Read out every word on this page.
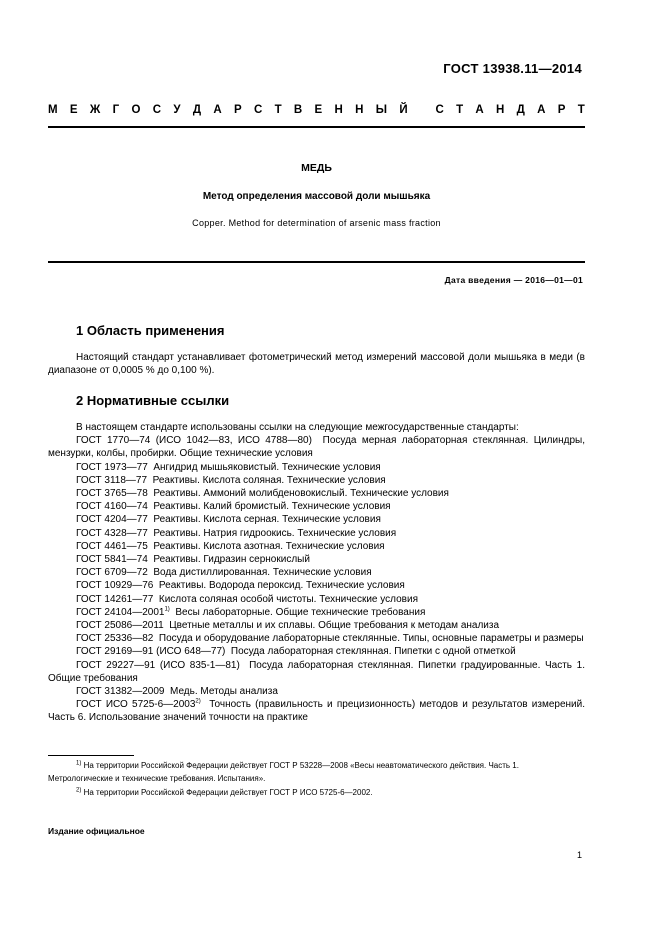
ГОСТ 13938.11—2014
М Е Ж Г О С У Д А Р С Т В Е Н Н Ы Й
С Т А Н Д А Р Т
МЕДЬ
Метод определения массовой доли мышьяка
Copper. Method for determination of arsenic mass fraction
Дата введения — 2016—01—01
1 Область применения

Настоящий стандарт устанавливает фотометрический метод измерений массовой доли мышьяка в меди (в диапазоне от 0,0005 % до 0,100 %).

2 Нормативные ссылки

В настоящем стандарте использованы ссылки на следующие межгосударственные стандарты:

ГОСТ 1770—74 (ИСО 1042—83, ИСО 4788—80)  Посуда мерная лабораторная стеклянная. Цилиндры, мензурки, колбы, пробирки. Общие технические условия

ГОСТ 1973—77  Ангидрид мышьяковистый. Технические условия

ГОСТ 3118—77  Реактивы. Кислота соляная. Технические условия

ГОСТ 3765—78  Реактивы. Аммоний молибденовокислый. Технические условия

ГОСТ 4160—74  Реактивы. Калий бромистый. Технические условия

ГОСТ 4204—77  Реактивы. Кислота серная. Технические условия

ГОСТ 4328—77  Реактивы. Натрия гидроокись. Технические условия

ГОСТ 4461—75  Реактивы. Кислота азотная. Технические условия

ГОСТ 5841—74  Реактивы. Гидразин сернокислый

ГОСТ 6709—72  Вода дистиллированная. Технические условия

ГОСТ 10929—76  Реактивы. Водорода пероксид. Технические условия

ГОСТ 14261—77  Кислота соляная особой чистоты. Технические условия

ГОСТ 24104—2001$^{1)}$  Весы лабораторные. Общие технические требования

ГОСТ 25086—2011  Цветные металлы и их сплавы. Общие требования к методам анализа

ГОСТ 25336—82  Посуда и оборудование лабораторные стеклянные. Типы, основные параметры и размеры

ГОСТ 29169—91 (ИСО 648—77)  Посуда лабораторная стеклянная. Пипетки с одной отметкой

ГОСТ 29227—91 (ИСО 835-1—81)  Посуда лабораторная стеклянная. Пипетки градуированные. Часть 1. Общие требования

ГОСТ 31382—2009  Медь. Методы анализа

ГОСТ ИСО 5725-6—2003$^{2)}$  Точность (правильность и прецизионность) методов и результатов измерений. Часть 6. Использование значений точности на практике

$^{1)}$ На территории Российской Федерации действует ГОСТ Р 53228—2008 «Весы неавтоматического действия. Часть 1. Метрологические и технические требования. Испытания».

$^{2)}$ На территории Российской Федерации действует ГОСТ Р ИСО 5725-6—2002.

Издание официальное
1
